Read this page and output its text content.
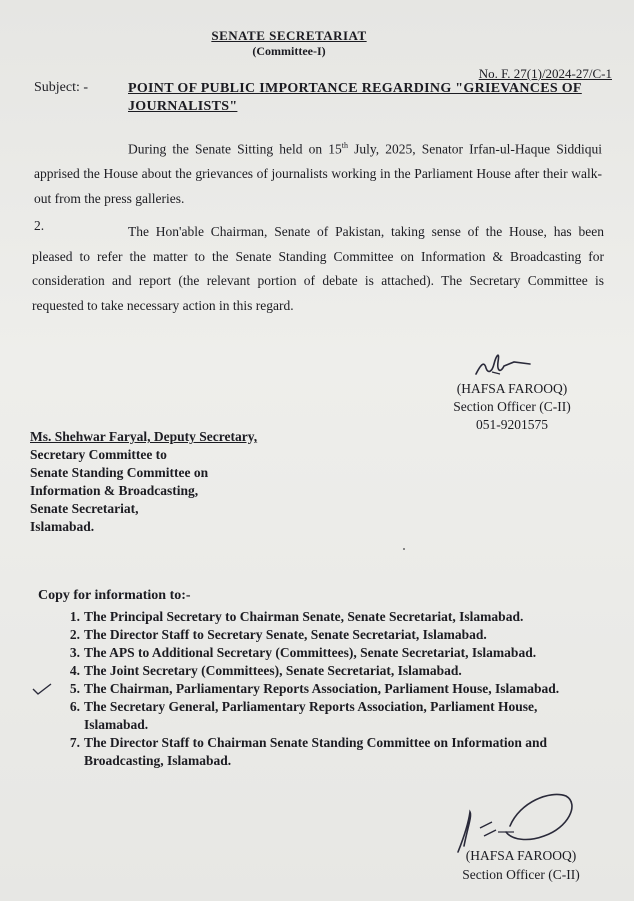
SENATE SECRETARIAT
(Committee-I)
No. F. 27(1)/2024-27/C-1
Subject: -	POINT OF PUBLIC IMPORTANCE REGARDING "GRIEVANCES OF JOURNALISTS"
During the Senate Sitting held on 15th July, 2025, Senator Irfan-ul-Haque Siddiqui apprised the House about the grievances of journalists working in the Parliament House after their walk-out from the press galleries.
2.	The Hon'able Chairman, Senate of Pakistan, taking sense of the House, has been pleased to refer the matter to the Senate Standing Committee on Information & Broadcasting for consideration and report (the relevant portion of debate is attached). The Secretary Committee is requested to take necessary action in this regard.
(HAFSA FAROOQ)
Section Officer (C-II)
051-9201575
Ms. Shehwar Faryal, Deputy Secretary,
Secretary Committee to
Senate Standing Committee on
Information & Broadcasting,
Senate Secretariat,
Islamabad.
Copy for information to:-
1. The Principal Secretary to Chairman Senate, Senate Secretariat, Islamabad.
2. The Director Staff to Secretary Senate, Senate Secretariat, Islamabad.
3. The APS to Additional Secretary (Committees), Senate Secretariat, Islamabad.
4. The Joint Secretary (Committees), Senate Secretariat, Islamabad.
5. The Chairman, Parliamentary Reports Association, Parliament House, Islamabad.
6. The Secretary General, Parliamentary Reports Association, Parliament House, Islamabad.
7. The Director Staff to Chairman Senate Standing Committee on Information and Broadcasting, Islamabad.
(HAFSA FAROOQ)
Section Officer (C-II)
